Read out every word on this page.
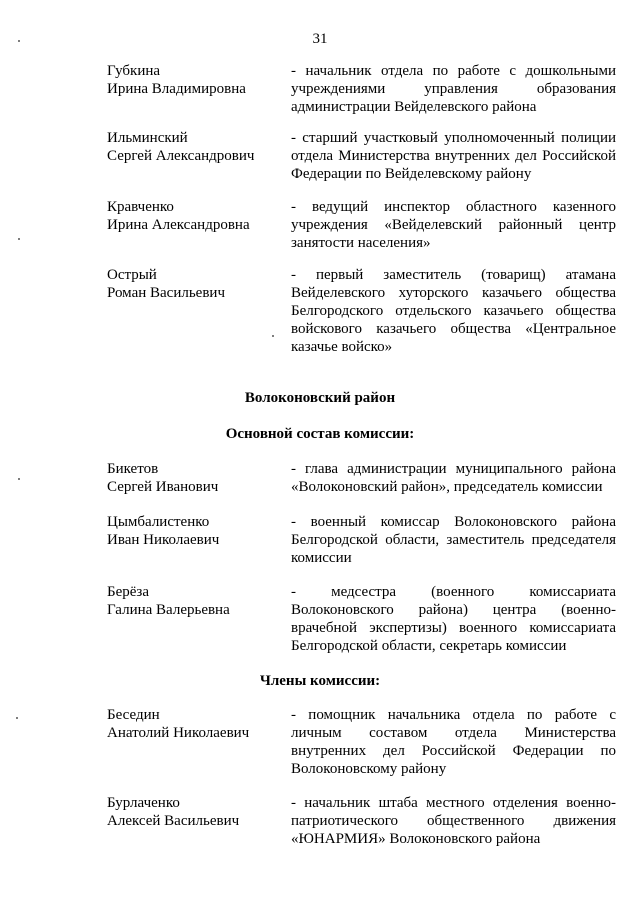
31
Губкина
Ирина Владимировна
- начальник отдела по работе с дошкольными учреждениями управления образования администрации Вейделевского района
Ильминский
Сергей Александрович
- старший участковый уполномоченный полиции отдела Министерства внутренних дел Российской Федерации по Вейделевскому району
Кравченко
Ирина Александровна
- ведущий инспектор областного казенного учреждения «Вейделевский районный центр занятости населения»
Острый
Роман Васильевич
- первый заместитель (товарищ) атамана Вейделевского хуторского казачьего общества Белгородского отдельского казачьего общества войскового казачьего общества «Центральное казачье войско»
Волоконовский район
Основной состав комиссии:
Бикетов
Сергей Иванович
- глава администрации муниципального района «Волоконовский район», председатель комиссии
Цымбалистенко
Иван Николаевич
- военный комиссар Волоконовского района Белгородской области, заместитель председателя комиссии
Берёза
Галина Валерьевна
- медсестра (военного комиссариата Волоконовского района) центра (военно-врачебной экспертизы) военного комиссариата Белгородской области, секретарь комиссии
Члены комиссии:
Беседин
Анатолий Николаевич
- помощник начальника отдела по работе с личным составом отдела Министерства внутренних дел Российской Федерации по Волоконовскому району
Бурлаченко
Алексей Васильевич
- начальник штаба местного отделения военно-патриотического общественного движения «ЮНАРМИЯ» Волоконовского района
